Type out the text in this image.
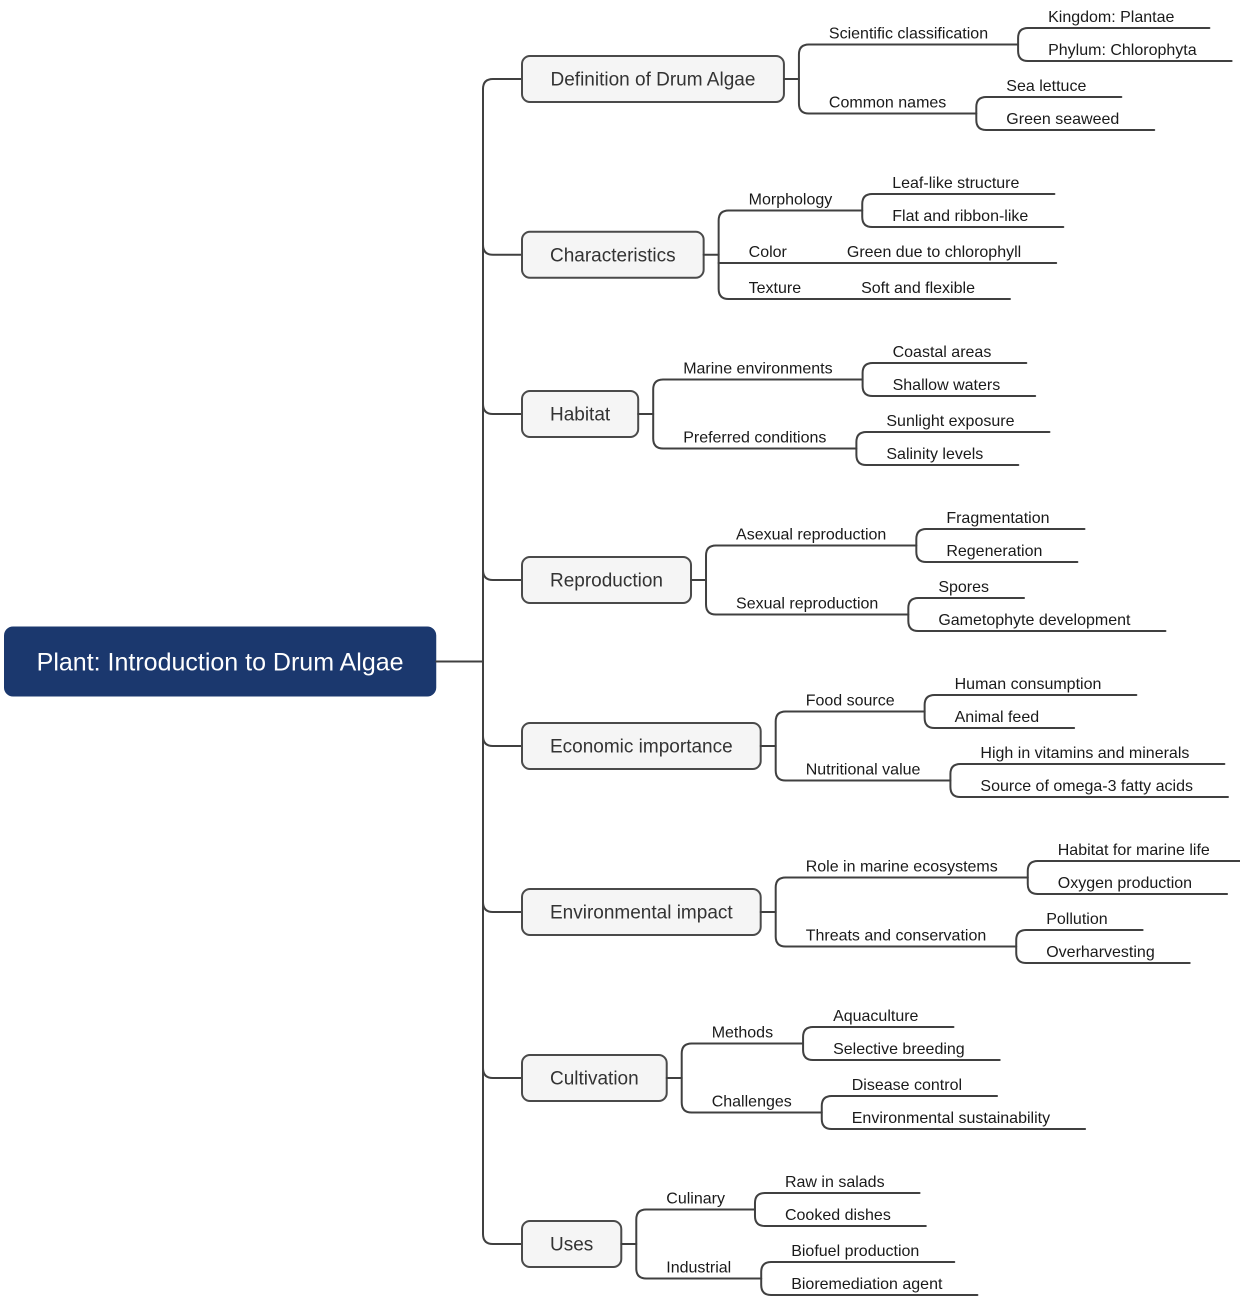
Plant: Introduction to Drum Algae
Definition of Drum Algae
Scientific classification
Kingdom: Plantae
Phylum: Chlorophyta
Common names
Sea lettuce
Green seaweed
Characteristics
Morphology
Leaf-like structure
Flat and ribbon-like
Color	Green due to chlorophyll
Texture	Soft and flexible
Habitat
Marine environments
Coastal areas
Shallow waters
Preferred conditions
Sunlight exposure
Salinity levels
Reproduction
Asexual reproduction
Fragmentation
Regeneration
Sexual reproduction
Spores
Gametophyte development
Economic importance
Food source
Human consumption
Animal feed
Nutritional value
High in vitamins and minerals
Source of omega-3 fatty acids
Environmental impact
Role in marine ecosystems
Habitat for marine life
Oxygen production
Threats and conservation
Pollution
Overharvesting
Cultivation
Methods
Aquaculture
Selective breeding
Challenges
Disease control
Environmental sustainability
Uses
Culinary
Raw in salads
Cooked dishes
Industrial
Biofuel production
Bioremediation agent
